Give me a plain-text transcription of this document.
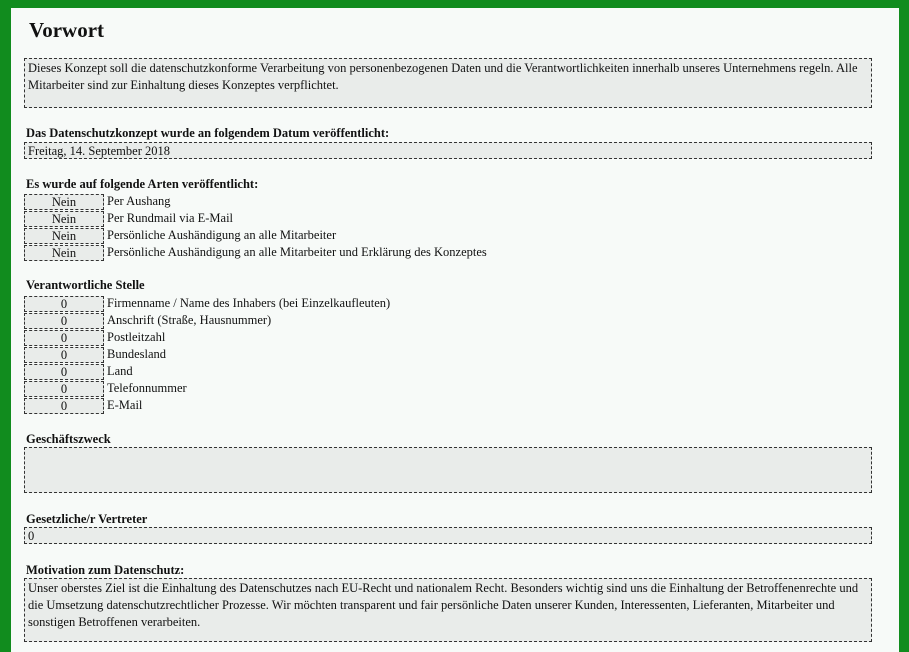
Vorwort
Dieses Konzept soll die datenschutzkonforme Verarbeitung von personenbezogenen Daten und die Verantwortlichkeiten innerhalb unseres Unternehmens regeln. Alle Mitarbeiter sind zur Einhaltung dieses Konzeptes verpflichtet.
Das Datenschutzkonzept wurde an folgendem Datum veröffentlicht:
Freitag, 14. September 2018
Es wurde auf folgende Arten veröffentlicht:
Nein	Per Aushang
Nein	Per Rundmail via E-Mail
Nein	Persönliche Aushändigung an alle Mitarbeiter
Nein	Persönliche Aushändigung an alle Mitarbeiter und Erklärung des Konzeptes
Verantwortliche Stelle
0	Firmenname / Name des Inhabers (bei Einzelkaufleuten)
0	Anschrift (Straße, Hausnummer)
0	Postleitzahl
0	Bundesland
0	Land
0	Telefonnummer
0	E-Mail
Geschäftszweck
Gesetzliche/r Vertreter
0
Motivation zum Datenschutz:
Unser oberstes Ziel ist die Einhaltung des Datenschutzes nach EU-Recht und nationalem Recht. Besonders wichtig sind uns die Einhaltung der Betroffenenrechte und die Umsetzung datenschutzrechtlicher Prozesse. Wir möchten transparent und fair persönliche Daten unserer Kunden, Interessenten, Lieferanten, Mitarbeiter und sonstigen Betroffenen verarbeiten.
